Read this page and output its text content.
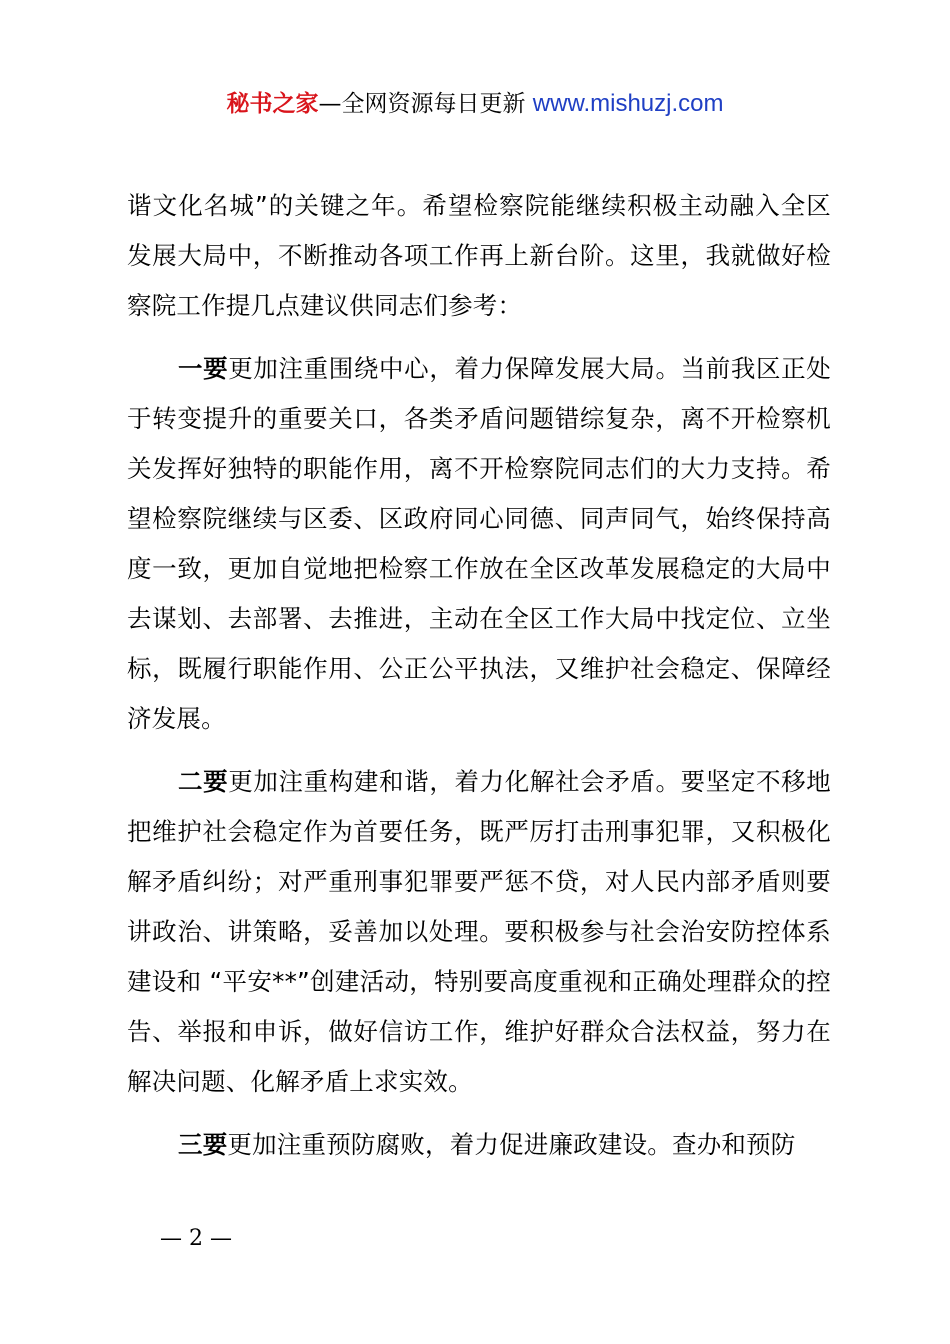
秘书之家—全网资源每日更新 www.mishuzj.com

谐文化名城”的关键之年。希望检察院能继续积极主动融入全区发展大局中，不断推动各项工作再上新台阶。这里，我就做好检察院工作提几点建议供同志们参考：

一要更加注重围绕中心，着力保障发展大局。当前我区正处于转变提升的重要关口，各类矛盾问题错综复杂，离不开检察机关发挥好独特的职能作用，离不开检察院同志们的大力支持。希望检察院继续与区委、区政府同心同德、同声同气，始终保持高度一致，更加自觉地把检察工作放在全区改革发展稳定的大局中去谋划、去部署、去推进，主动在全区工作大局中找定位、立坐标，既履行职能作用、公正公平执法，又维护社会稳定、保障经济发展。

二要更加注重构建和谐，着力化解社会矛盾。要坚定不移地把维护社会稳定作为首要任务，既严厉打击刑事犯罪，又积极化解矛盾纠纷；对严重刑事犯罪要严惩不贷，对人民内部矛盾则要讲政治、讲策略，妥善加以处理。要积极参与社会治安防控体系建设和 “平安**”创建活动，特别要高度重视和正确处理群众的控告、举报和申诉，做好信访工作，维护好群众合法权益，努力在解决问题、化解矛盾上求实效。

三要更加注重预防腐败，着力促进廉政建设。查办和预防

— 2 —
